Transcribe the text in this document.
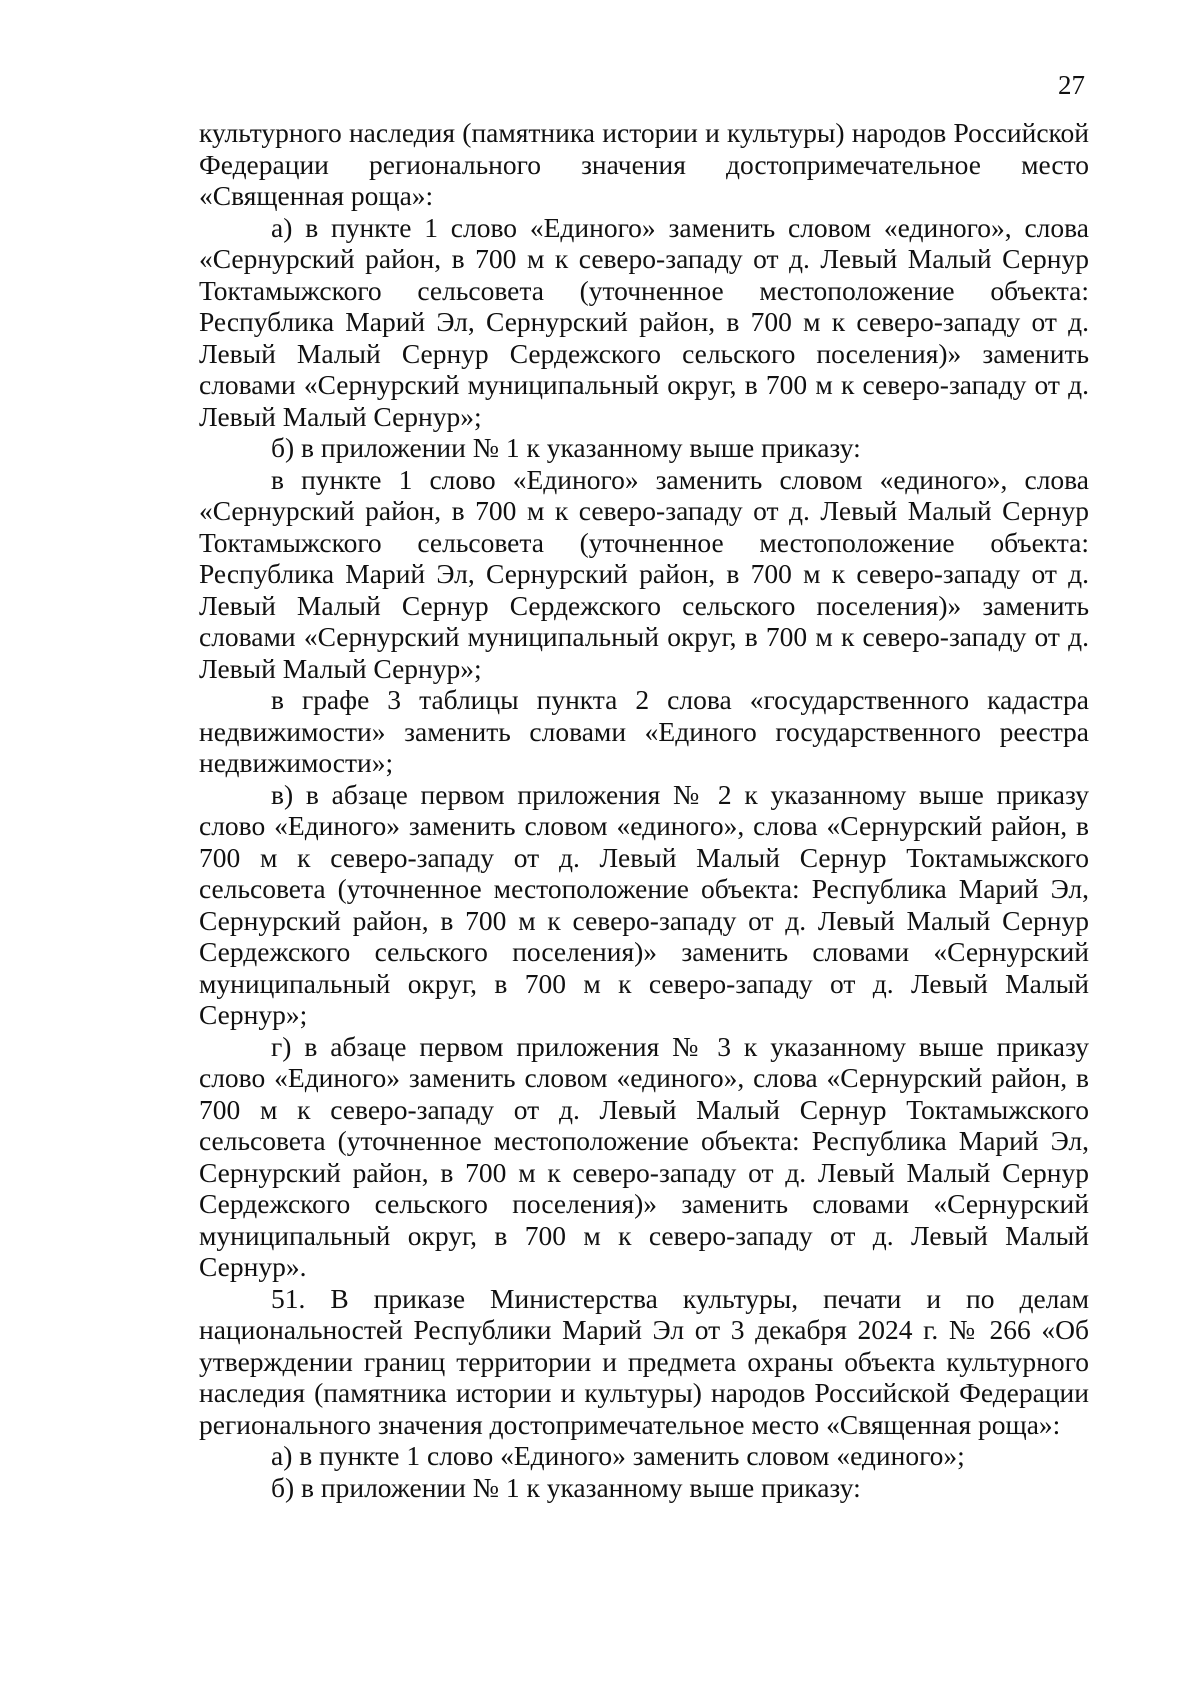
27

культурного наследия (памятника истории и культуры) народов Российской Федерации регионального значения достопримечательное место «Священная роща»:

а) в пункте 1 слово «Единого» заменить словом «единого», слова «Сернурский район, в 700 м к северо-западу от д. Левый Малый Сернур Токтамыжского сельсовета (уточненное местоположение объекта: Республика Марий Эл, Сернурский район, в 700 м к северо-западу от д. Левый Малый Сернур Сердежского сельского поселения)» заменить словами «Сернурский муниципальный округ, в 700 м к северо-западу от д. Левый Малый Сернур»;

б) в приложении № 1 к указанному выше приказу:

в пункте 1 слово «Единого» заменить словом «единого», слова «Сернурский район, в 700 м к северо-западу от д. Левый Малый Сернур Токтамыжского сельсовета (уточненное местоположение объекта: Республика Марий Эл, Сернурский район, в 700 м к северо-западу от д. Левый Малый Сернур Сердежского сельского поселения)» заменить словами «Сернурский муниципальный округ, в 700 м к северо-западу от д. Левый Малый Сернур»;

в графе 3 таблицы пункта 2 слова «государственного кадастра недвижимости» заменить словами «Единого государственного реестра недвижимости»;

в) в абзаце первом приложения № 2 к указанному выше приказу слово «Единого» заменить словом «единого», слова «Сернурский район, в 700 м к северо-западу от д. Левый Малый Сернур Токтамыжского сельсовета (уточненное местоположение объекта: Республика Марий Эл, Сернурский район, в 700 м к северо-западу от д. Левый Малый Сернур Сердежского сельского поселения)» заменить словами «Сернурский муниципальный округ, в 700 м к северо-западу от д. Левый Малый Сернур»;

г) в абзаце первом приложения № 3 к указанному выше приказу слово «Единого» заменить словом «единого», слова «Сернурский район, в 700 м к северо-западу от д. Левый Малый Сернур Токтамыжского сельсовета (уточненное местоположение объекта: Республика Марий Эл, Сернурский район, в 700 м к северо-западу от д. Левый Малый Сернур Сердежского сельского поселения)» заменить словами «Сернурский муниципальный округ, в 700 м к северо-западу от д. Левый Малый Сернур».

51. В приказе Министерства культуры, печати и по делам национальностей Республики Марий Эл от 3 декабря 2024 г. № 266 «Об утверждении границ территории и предмета охраны объекта культурного наследия (памятника истории и культуры) народов Российской Федерации регионального значения достопримечательное место «Священная роща»:

а) в пункте 1 слово «Единого» заменить словом «единого»;

б) в приложении № 1 к указанному выше приказу:
